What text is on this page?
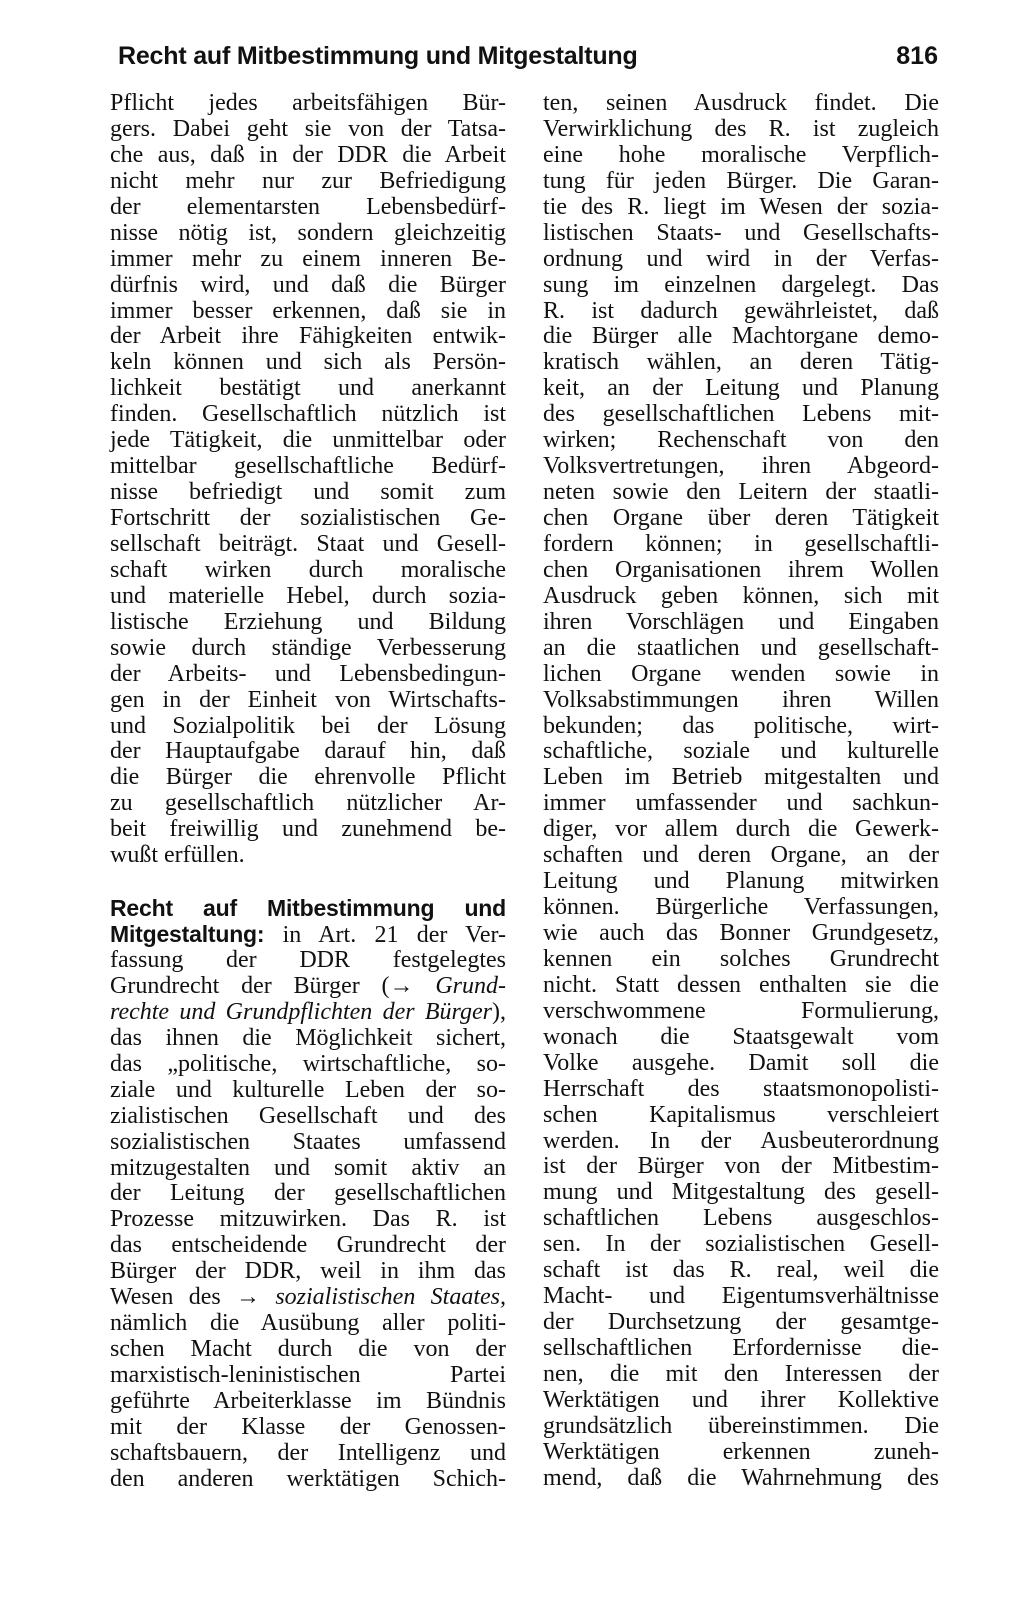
Recht auf Mitbestimmung und Mitgestaltung	816
Pflicht jedes arbeitsfähigen Bür-
gers. Dabei geht sie von der Tatsa-
che aus, daß in der DDR die Arbeit
nicht mehr nur zur Befriedigung
der elementarsten Lebensbedürf-
nisse nötig ist, sondern gleichzeitig
immer mehr zu einem inneren Be-
dürfnis wird, und daß die Bürger
immer besser erkennen, daß sie in
der Arbeit ihre Fähigkeiten entwik-
keln können und sich als Persön-
lichkeit bestätigt und anerkannt
finden. Gesellschaftlich nützlich ist
jede Tätigkeit, die unmittelbar oder
mittelbar gesellschaftliche Bedürf-
nisse befriedigt und somit zum
Fortschritt der sozialistischen Ge-
sellschaft beiträgt. Staat und Gesell-
schaft wirken durch moralische
und materielle Hebel, durch sozia-
listische Erziehung und Bildung
sowie durch ständige Verbesserung
der Arbeits- und Lebensbedingun-
gen in der Einheit von Wirtschafts-
und Sozialpolitik bei der Lösung
der Hauptaufgabe darauf hin, daß
die Bürger die ehrenvolle Pflicht
zu gesellschaftlich nützlicher Ar-
beit freiwillig und zunehmend be-
wußt erfüllen.
Recht auf Mitbestimmung und
Mitgestaltung: in Art. 21 der Ver-
fassung der DDR festgelegtes
Grundrecht der Bürger (→ Grund-
rechte und Grundpflichten der Bürger),
das ihnen die Möglichkeit sichert,
das „politische, wirtschaftliche, so-
ziale und kulturelle Leben der so-
zialistischen Gesellschaft und des
sozialistischen Staates umfassend
mitzugestalten und somit aktiv an
der Leitung der gesellschaftlichen
Prozesse mitzuwirken. Das R. ist
das entscheidende Grundrecht der
Bürger der DDR, weil in ihm das
Wesen des → sozialistischen Staates,
nämlich die Ausübung aller politi-
schen Macht durch die von der
marxistisch-leninistischen Partei
geführte Arbeiterklasse im Bündnis
mit der Klasse der Genossen-
schaftsbauern, der Intelligenz und
den anderen werktätigen Schich-
ten, seinen Ausdruck findet. Die
Verwirklichung des R. ist zugleich
eine hohe moralische Verpflich-
tung für jeden Bürger. Die Garan-
tie des R. liegt im Wesen der sozia-
listischen Staats- und Gesellschafts-
ordnung und wird in der Verfas-
sung im einzelnen dargelegt. Das
R. ist dadurch gewährleistet, daß
die Bürger alle Machtorgane demo-
kratisch wählen, an deren Tätig-
keit, an der Leitung und Planung
des gesellschaftlichen Lebens mit-
wirken; Rechenschaft von den
Volksvertretungen, ihren Abgeord-
neten sowie den Leitern der staatli-
chen Organe über deren Tätigkeit
fordern können; in gesellschaftli-
chen Organisationen ihrem Wollen
Ausdruck geben können, sich mit
ihren Vorschlägen und Eingaben
an die staatlichen und gesellschaft-
lichen Organe wenden sowie in
Volksabstimmungen ihren Willen
bekunden; das politische, wirt-
schaftliche, soziale und kulturelle
Leben im Betrieb mitgestalten und
immer umfassender und sachkun-
diger, vor allem durch die Gewerk-
schaften und deren Organe, an der
Leitung und Planung mitwirken
können. Bürgerliche Verfassungen,
wie auch das Bonner Grundgesetz,
kennen ein solches Grundrecht
nicht. Statt dessen enthalten sie die
verschwommene Formulierung,
wonach die Staatsgewalt vom
Volke ausgehe. Damit soll die
Herrschaft des staatsmonopolisti-
schen Kapitalismus verschleiert
werden. In der Ausbeuterordnung
ist der Bürger von der Mitbestim-
mung und Mitgestaltung des gesell-
schaftlichen Lebens ausgeschlos-
sen. In der sozialistischen Gesell-
schaft ist das R. real, weil die
Macht- und Eigentumsverhältnisse
der Durchsetzung der gesamtge-
sellschaftlichen Erfordernisse die-
nen, die mit den Interessen der
Werktätigen und ihrer Kollektive
grundsätzlich übereinstimmen. Die
Werktätigen erkennen zuneh-
mend, daß die Wahrnehmung des
